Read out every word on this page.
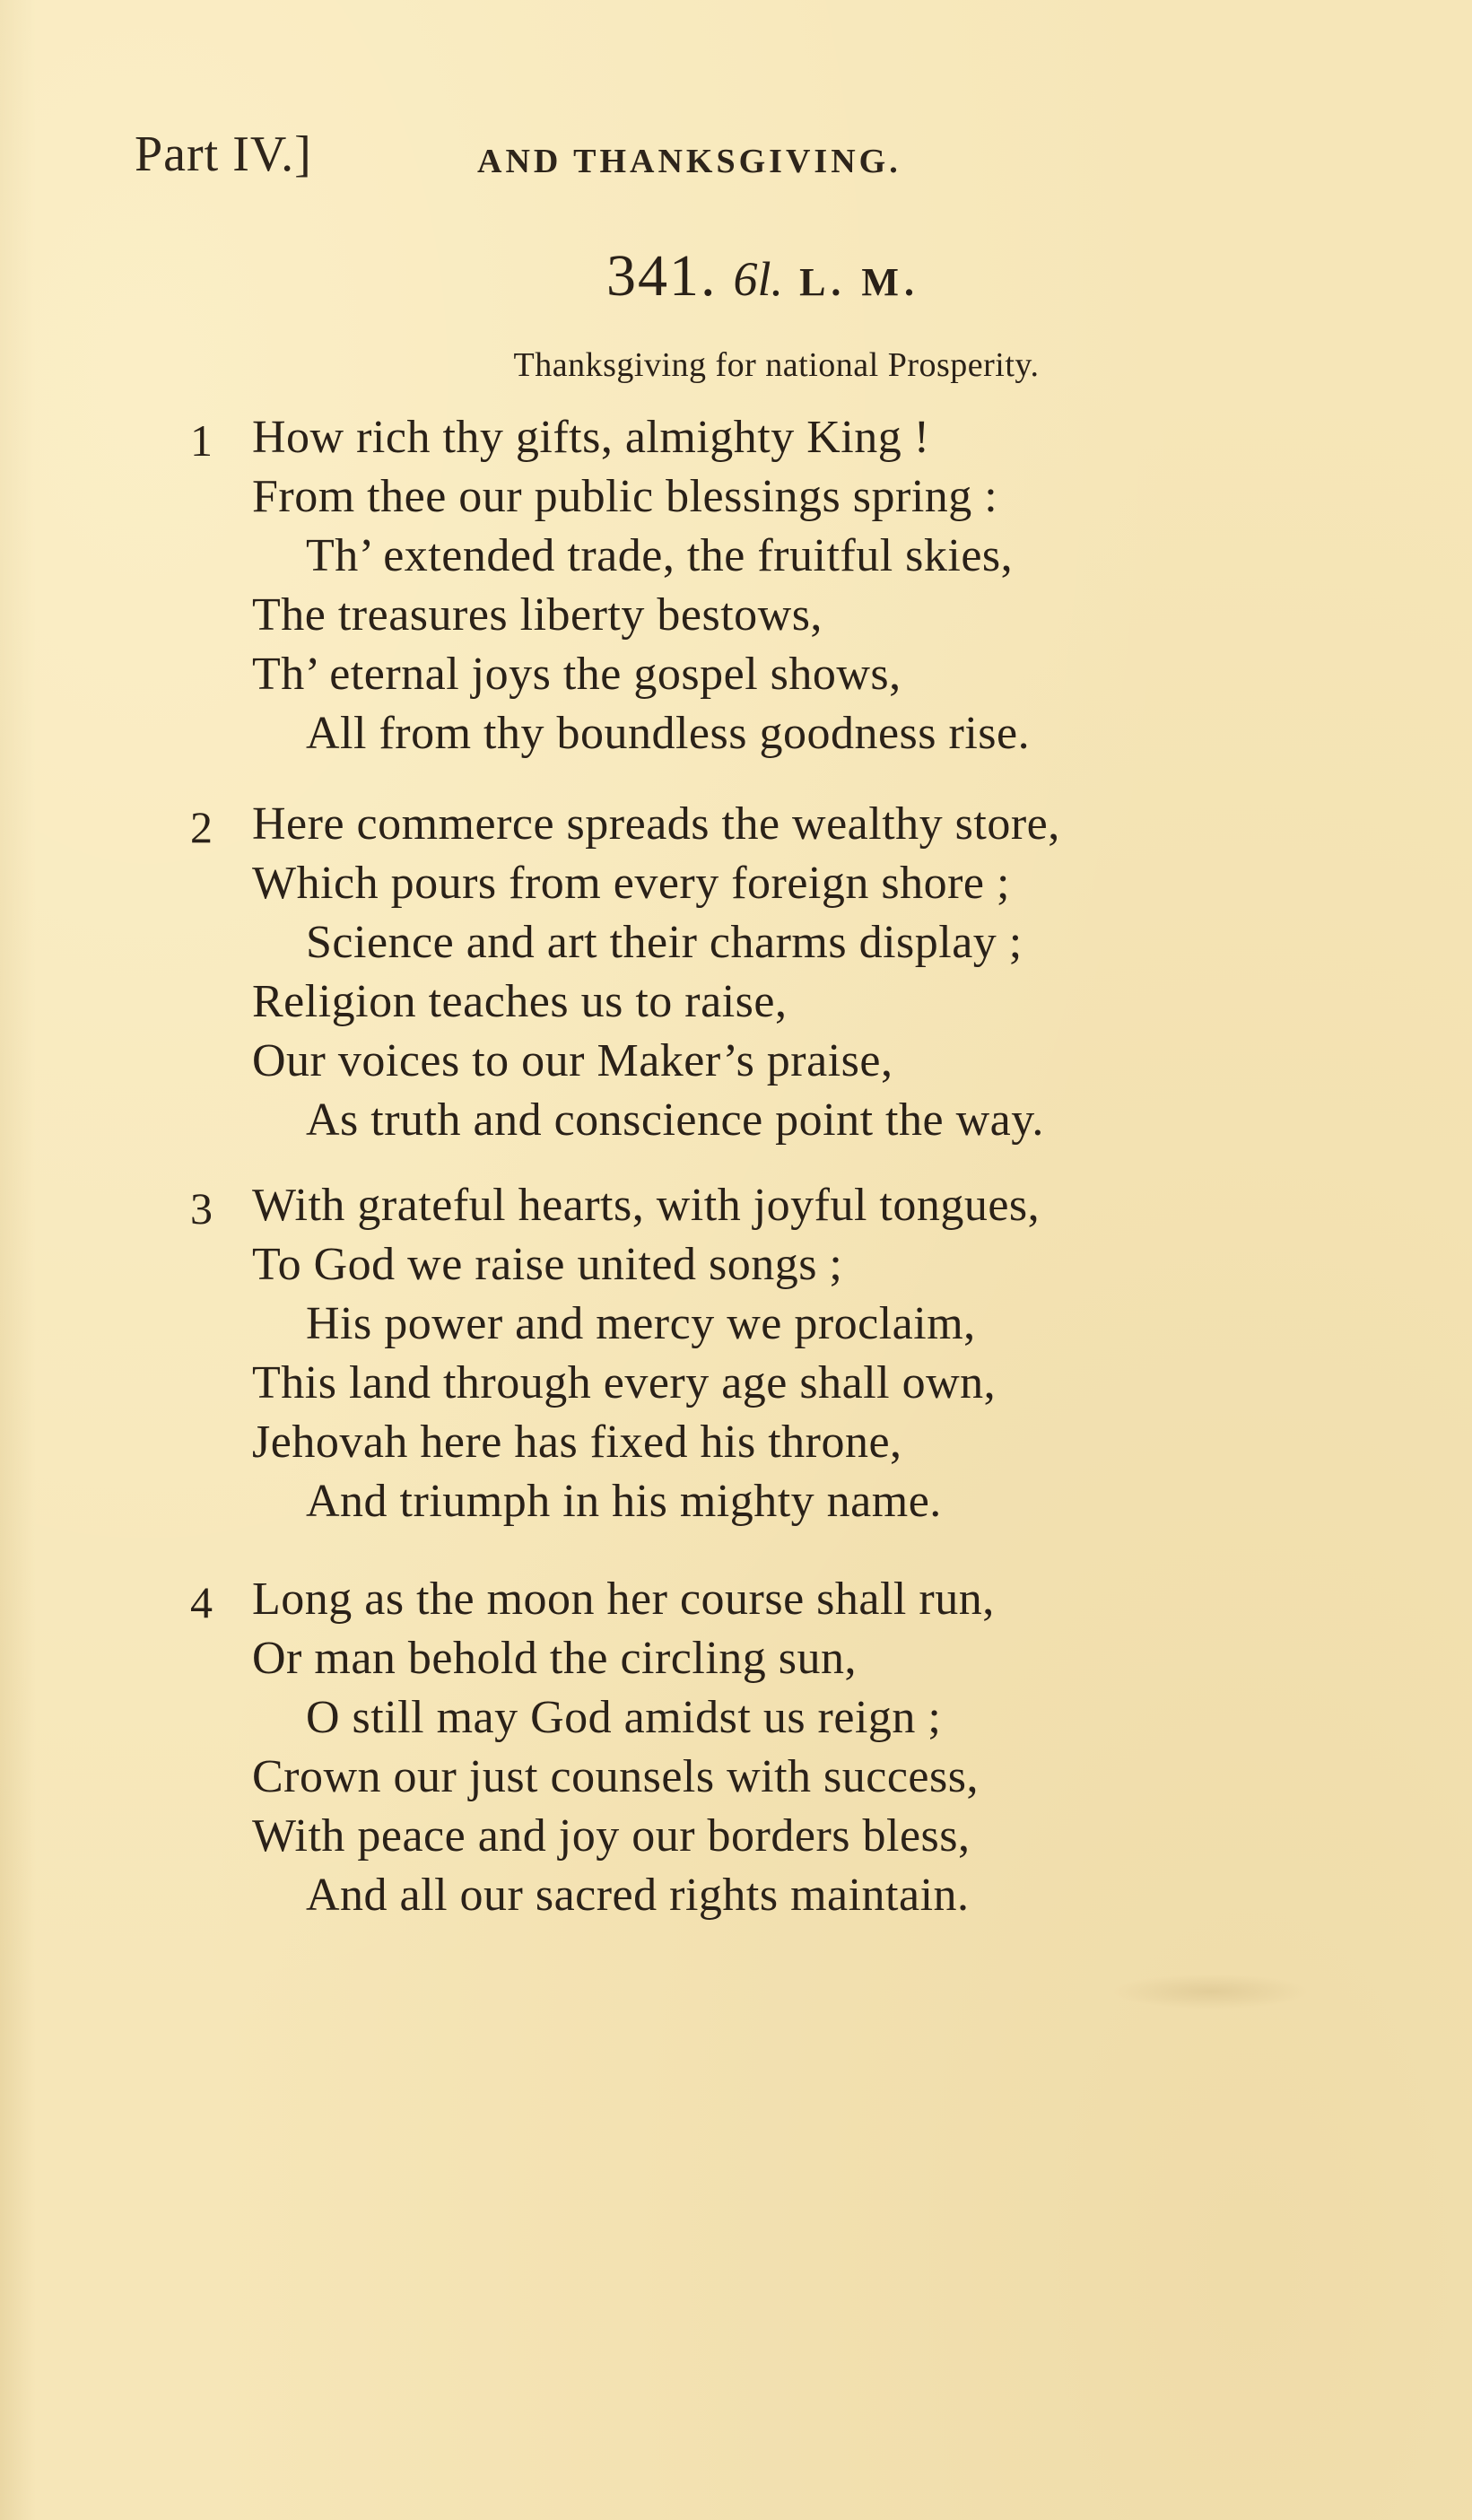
Part IV.]	AND THANKSGIVING.
341. 6l. L. M.
Thanksgiving for national Prosperity.
1 How rich thy gifts, almighty King !
From thee our public blessings spring :
Th’ extended trade, the fruitful skies,
The treasures liberty bestows,
Th’ eternal joys the gospel shows,
All from thy boundless goodness rise.
2 Here commerce spreads the wealthy store,
Which pours from every foreign shore ;
Science and art their charms display ;
Religion teaches us to raise,
Our voices to our Maker’s praise,
As truth and conscience point the way.
3 With grateful hearts, with joyful tongues,
To God we raise united songs ;
His power and mercy we proclaim,
This land through every age shall own,
Jehovah here has fixed his throne,
And triumph in his mighty name.
4 Long as the moon her course shall run,
Or man behold the circling sun,
O still may God amidst us reign ;
Crown our just counsels with success,
With peace and joy our borders bless,
And all our sacred rights maintain.
